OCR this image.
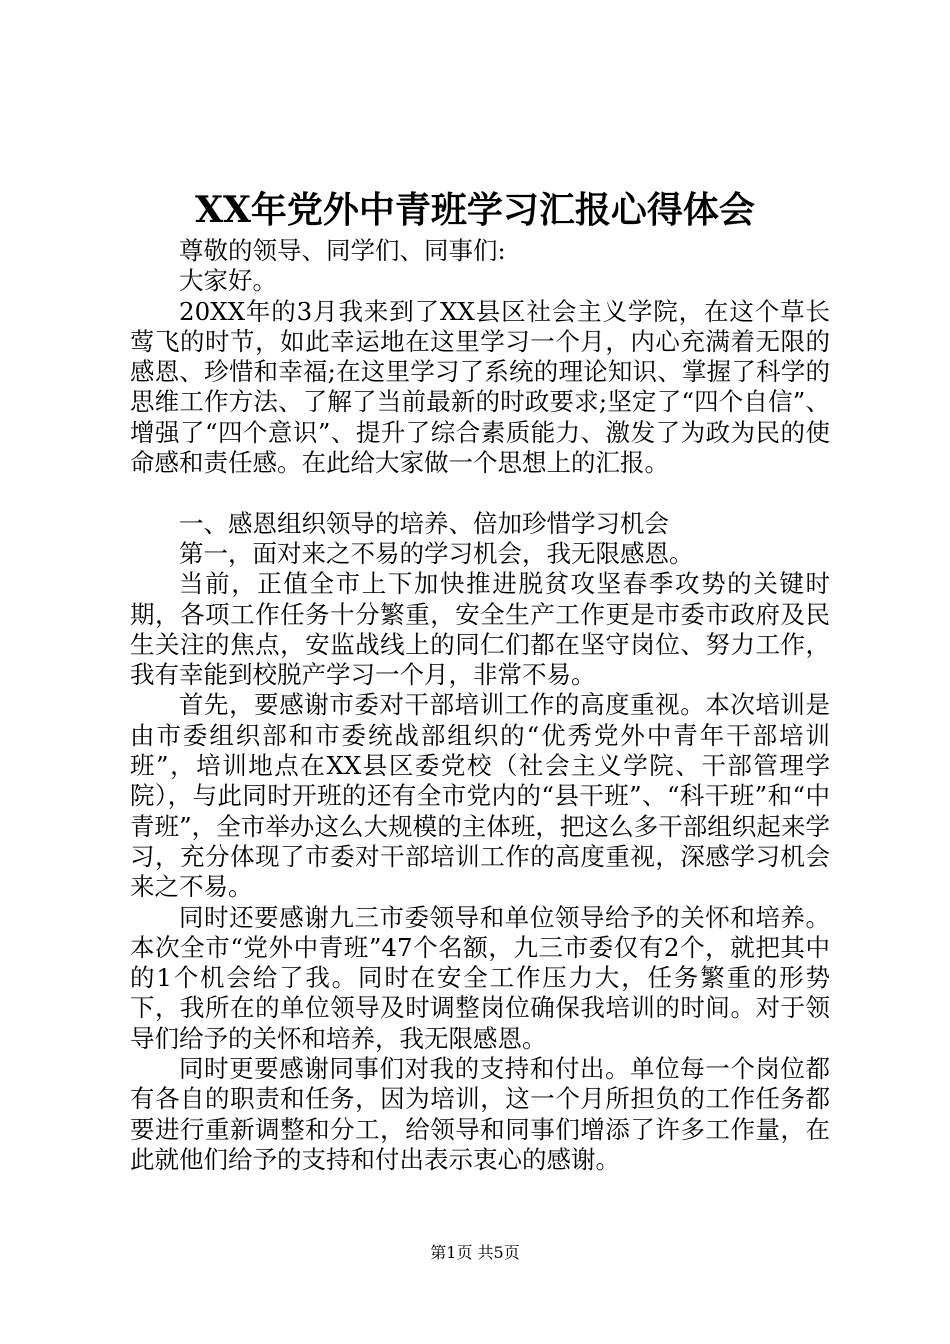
XX年党外中青班学习汇报心得体会

尊敬的领导、同学们、同事们:

大家好。

20XX年的3月我来到了XX县区社会主义学院，在这个草长莺飞的时节，如此幸运地在这里学习一个月，内心充满着无限的感恩、珍惜和幸福;在这里学习了系统的理论知识、掌握了科学的思维工作方法、了解了当前最新的时政要求;坚定了“四个自信”、增强了“四个意识”、提升了综合素质能力、激发了为政为民的使命感和责任感。在此给大家做一个思想上的汇报。

一、感恩组织领导的培养、倍加珍惜学习机会

第一，面对来之不易的学习机会，我无限感恩。

当前，正值全市上下加快推进脱贫攻坚春季攻势的关键时期，各项工作任务十分繁重，安全生产工作更是市委市政府及民生关注的焦点，安监战线上的同仁们都在坚守岗位、努力工作，我有幸能到校脱产学习一个月，非常不易。

首先，要感谢市委对干部培训工作的高度重视。本次培训是由市委组织部和市委统战部组织的“优秀党外中青年干部培训班”，培训地点在XX县区委党校（社会主义学院、干部管理学院），与此同时开班的还有全市党内的“县干班”、“科干班”和“中青班”，全市举办这么大规模的主体班，把这么多干部组织起来学习，充分体现了市委对干部培训工作的高度重视，深感学习机会来之不易。

同时还要感谢九三市委领导和单位领导给予的关怀和培养。本次全市“党外中青班”47个名额，九三市委仅有2个，就把其中的1个机会给了我。同时在安全工作压力大，任务繁重的形势下，我所在的单位领导及时调整岗位确保我培训的时间。对于领导们给予的关怀和培养，我无限感恩。

同时更要感谢同事们对我的支持和付出。单位每一个岗位都有各自的职责和任务，因为培训，这一个月所担负的工作任务都要进行重新调整和分工，给领导和同事们增添了许多工作量，在此就他们给予的支持和付出表示衷心的感谢。

第1页 共5页
